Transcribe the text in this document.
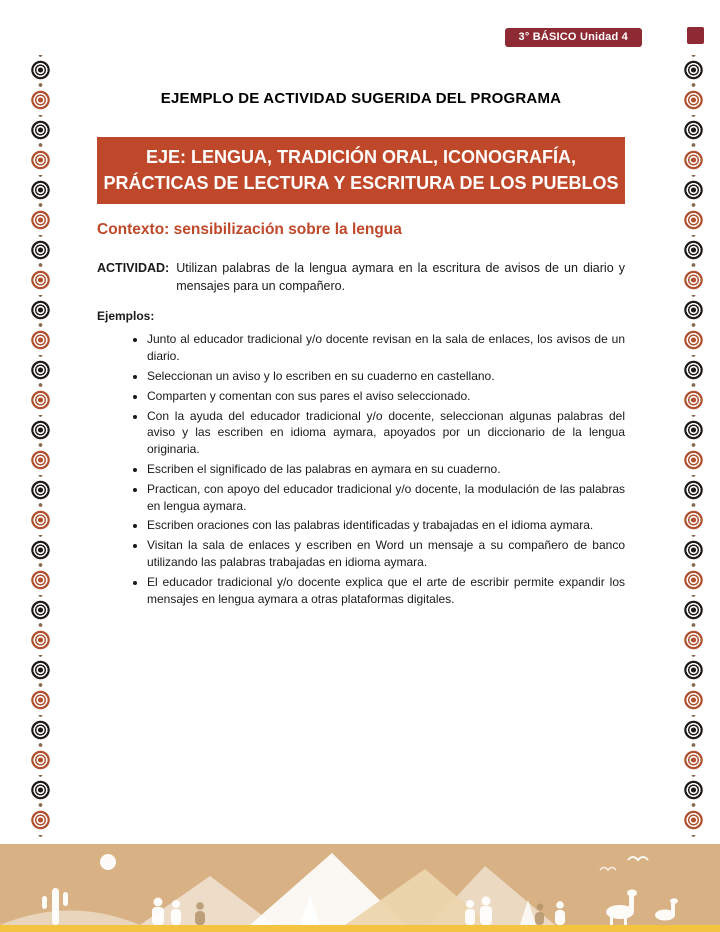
3° BÁSICO Unidad 4
EJEMPLO DE ACTIVIDAD SUGERIDA DEL PROGRAMA
EJE: LENGUA, TRADICIÓN ORAL, ICONOGRAFÍA,
PRÁCTICAS DE LECTURA Y ESCRITURA DE LOS PUEBLOS
Contexto: sensibilización sobre la lengua
ACTIVIDAD: Utilizan palabras de la lengua aymara en la escritura de avisos de un diario y mensajes para un compañero.

Ejemplos:
• Junto al educador tradicional y/o docente revisan en la sala de enlaces, los avisos de un diario.
• Seleccionan un aviso y lo escriben en su cuaderno en castellano.
• Comparten y comentan con sus pares el aviso seleccionado.
• Con la ayuda del educador tradicional y/o docente, seleccionan algunas palabras del aviso y las escriben en idioma aymara, apoyados por un diccionario de la lengua originaria.
• Escriben el significado de las palabras en aymara en su cuaderno.
• Practican, con apoyo del educador tradicional y/o docente, la modulación de las palabras en lengua aymara.
• Escriben oraciones con las palabras identificadas y trabajadas en el idioma aymara.
• Visitan la sala de enlaces y escriben en Word un mensaje a su compañero de banco utilizando las palabras trabajadas en idioma aymara.
• El educador tradicional y/o docente explica que el arte de escribir permite expandir los mensajes en lengua aymara a otras plataformas digitales.
